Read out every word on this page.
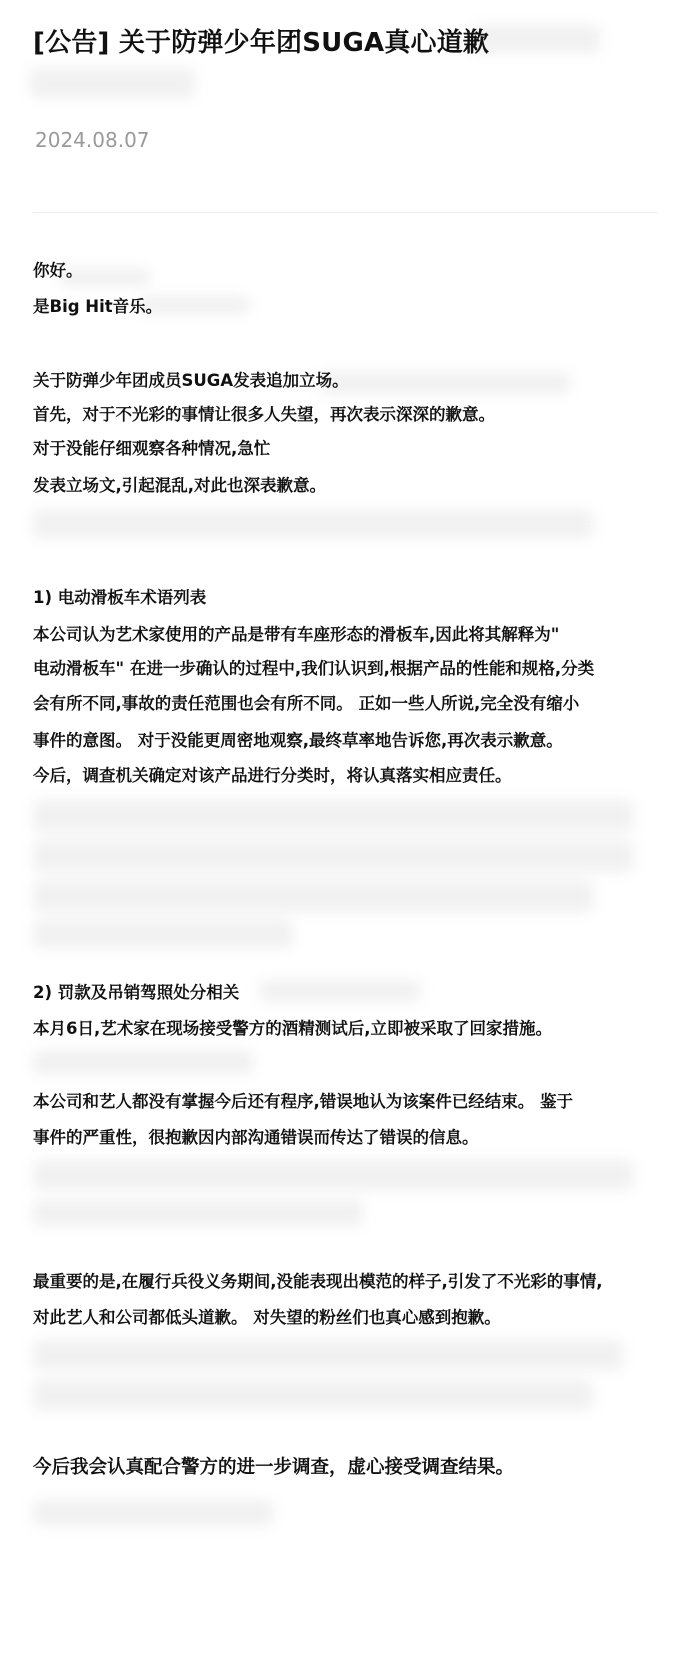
[公告] 关于防弹少年团SUGA真心道歉
2024.08.07
你好。
是Big Hit音乐。
关于防弹少年团成员SUGA发表追加立场。
首先，对于不光彩的事情让很多人失望，再次表示深深的歉意。
对于没能仔细观察各种情况,急忙
发表立场文,引起混乱,对此也深表歉意。
1) 电动滑板车术语列表
本公司认为艺术家使用的产品是带有车座形态的滑板车,因此将其解释为"
电动滑板车" 在进一步确认的过程中,我们认识到,根据产品的性能和规格,分类
会有所不同,事故的责任范围也会有所不同。 正如一些人所说,完全没有缩小
事件的意图。 对于没能更周密地观察,最终草率地告诉您,再次表示歉意。
今后，调查机关确定对该产品进行分类时，将认真落实相应责任。
2) 罚款及吊销驾照处分相关
本月6日,艺术家在现场接受警方的酒精测试后,立即被采取了回家措施。
本公司和艺人都没有掌握今后还有程序,错误地认为该案件已经结束。 鉴于
事件的严重性，很抱歉因内部沟通错误而传达了错误的信息。
最重要的是,在履行兵役义务期间,没能表现出模范的样子,引发了不光彩的事情,
对此艺人和公司都低头道歉。 对失望的粉丝们也真心感到抱歉。
今后我会认真配合警方的进一步调查，虚心接受调查结果。
